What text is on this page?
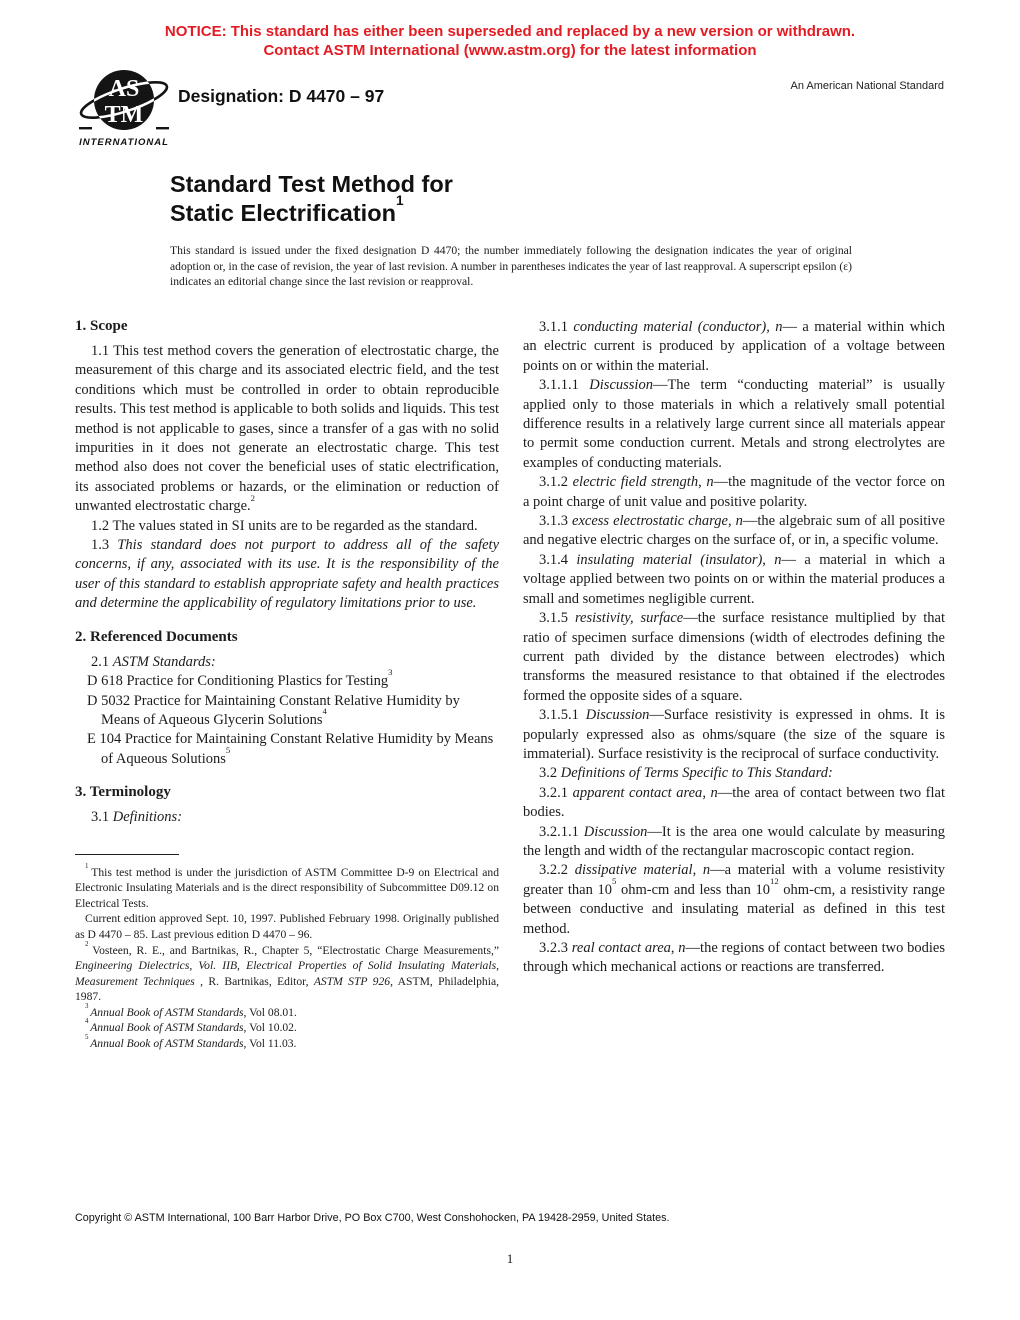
NOTICE: This standard has either been superseded and replaced by a new version or withdrawn.
Contact ASTM International (www.astm.org) for the latest information
AS
TM
INTERNATIONAL
Designation: D 4470 – 97	An American National Standard
Standard Test Method for
Static Electrification$^1$
This standard is issued under the fixed designation D 4470; the number immediately following the designation indicates the year of original adoption or, in the case of revision, the year of last revision. A number in parentheses indicates the year of last reapproval. A superscript epsilon (ε) indicates an editorial change since the last revision or reapproval.

1. Scope

1.1 This test method covers the generation of electrostatic charge, the measurement of this charge and its associated electric field, and the test conditions which must be controlled in order to obtain reproducible results. This test method is applicable to both solids and liquids. This test method is not applicable to gases, since a transfer of a gas with no solid impurities in it does not generate an electrostatic charge. This test method also does not cover the beneficial uses of static electrification, its associated problems or hazards, or the elimination or reduction of unwanted electrostatic charge.$^2$

1.2 The values stated in SI units are to be regarded as the standard.

1.3 This standard does not purport to address all of the safety concerns, if any, associated with its use. It is the responsibility of the user of this standard to establish appropriate safety and health practices and determine the applicability of regulatory limitations prior to use.

2. Referenced Documents

2.1 ASTM Standards:

D 618 Practice for Conditioning Plastics for Testing$^3$

D 5032 Practice for Maintaining Constant Relative Humidity by Means of Aqueous Glycerin Solutions$^4$

E 104 Practice for Maintaining Constant Relative Humidity by Means of Aqueous Solutions$^5$

3. Terminology

3.1 Definitions:

$^1$ This test method is under the jurisdiction of ASTM Committee D-9 on Electrical and Electronic Insulating Materials and is the direct responsibility of Subcommittee D09.12 on Electrical Tests.

Current edition approved Sept. 10, 1997. Published February 1998. Originally published as D 4470 – 85. Last previous edition D 4470 – 96.

$^2$ Vosteen, R. E., and Bartnikas, R., Chapter 5, “Electrostatic Charge Measurements,” Engineering Dielectrics, Vol. IIB, Electrical Properties of Solid Insulating Materials, Measurement Techniques , R. Bartnikas, Editor, ASTM STP 926, ASTM, Philadelphia, 1987.

$^3$ Annual Book of ASTM Standards, Vol 08.01.

$^4$ Annual Book of ASTM Standards, Vol 10.02.

$^5$ Annual Book of ASTM Standards, Vol 11.03.

3.1.1 conducting material (conductor), n— a material within which an electric current is produced by application of a voltage between points on or within the material.

3.1.1.1 Discussion—The term “conducting material” is usually applied only to those materials in which a relatively small potential difference results in a relatively large current since all materials appear to permit some conduction current. Metals and strong electrolytes are examples of conducting materials.

3.1.2 electric field strength, n—the magnitude of the vector force on a point charge of unit value and positive polarity.

3.1.3 excess electrostatic charge, n—the algebraic sum of all positive and negative electric charges on the surface of, or in, a specific volume.

3.1.4 insulating material (insulator), n— a material in which a voltage applied between two points on or within the material produces a small and sometimes negligible current.

3.1.5 resistivity, surface—the surface resistance multiplied by that ratio of specimen surface dimensions (width of electrodes defining the current path divided by the distance between electrodes) which transforms the measured resistance to that obtained if the electrodes formed the opposite sides of a square.

3.1.5.1 Discussion—Surface resistivity is expressed in ohms. It is popularly expressed also as ohms/square (the size of the square is immaterial). Surface resistivity is the reciprocal of surface conductivity.

3.2 Definitions of Terms Specific to This Standard:

3.2.1 apparent contact area, n—the area of contact between two flat bodies.

3.2.1.1 Discussion—It is the area one would calculate by measuring the length and width of the rectangular macroscopic contact region.

3.2.2 dissipative material, n—a material with a volume resistivity greater than $10^5$ ohm-cm and less than $10^{12}$ ohm-cm, a resistivity range between conductive and insulating material as defined in this test method.

3.2.3 real contact area, n—the regions of contact between two bodies through which mechanical actions or reactions are transferred.

Copyright © ASTM International, 100 Barr Harbor Drive, PO Box C700, West Conshohocken, PA 19428-2959, United States.
1
